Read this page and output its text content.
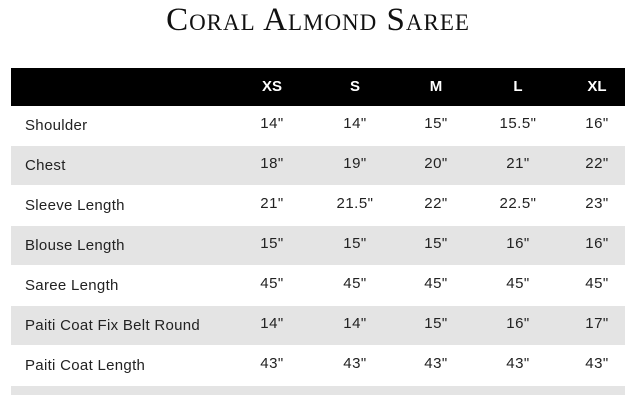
Coral Almond Saree
XS	S	M	L	XL
Shoulder	14"	14"	15"	15.5"	16"
Chest	18"	19"	20"	21"	22"
Sleeve Length	21"	21.5"	22"	22.5"	23"
Blouse Length	15"	15"	15"	16"	16"
Saree Length	45"	45"	45"	45"	45"
Paiti Coat Fix Belt Round	14"	14"	15"	16"	17"
Paiti Coat Length	43"	43"	43"	43"	43"
